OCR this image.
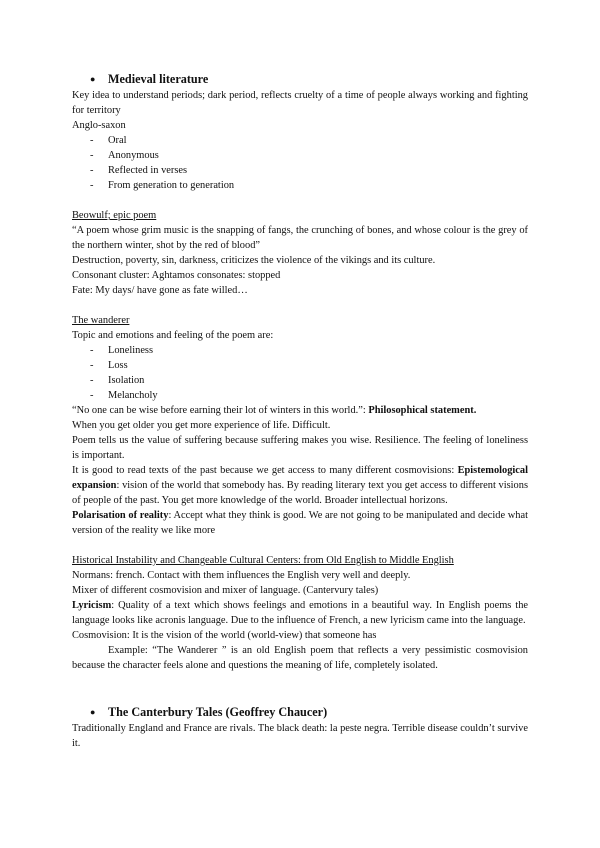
●	Medieval literature

Key idea to understand periods; dark period, reflects cruelty of a time of people always working and fighting for territory

Anglo-saxon

-	Oral
-	Anonymous
-	Reflected in verses
-	From generation to generation

Beowulf; epic poem

“A poem whose grim music is the snapping of fangs, the crunching of bones, and whose colour is the grey of the northern winter, shot by the red of blood”

Destruction, poverty, sin, darkness, criticizes the violence of the vikings and its culture.

Consonant cluster: Aghtamos consonates: stopped

Fate: My days/ have gone as fate willed…

The wanderer

Topic and emotions and feeling of the poem are:

-	Loneliness
-	Loss
-	Isolation
-	Melancholy

“No one can be wise before earning their lot of winters in this world.”: Philosophical statement.

When you get older you get more experience of life. Difficult.

Poem tells us the value of suffering because suffering makes you wise. Resilience. The feeling of loneliness is important.

It is good to read texts of the past because we get access to many different cosmovisions: Epistemological expansion: vision of the world that somebody has. By reading literary text you get access to different visions of people of the past. You get more knowledge of the world. Broader intellectual horizons.

Polarisation of reality: Accept what they think is good. We are not going to be manipulated and decide what version of the reality we like more

Historical Instability and Changeable Cultural Centers: from Old English to Middle English

Normans: french. Contact with them influences the English very well and deeply.

Mixer of different cosmovision and mixer of language. (Cantervury tales)

Lyricism: Quality of a text which shows feelings and emotions in a beautiful way. In English poems the language looks like acronis language. Due to the influence of French, a new lyricism came into the language.

Cosmovision: It is the vision of the world (world-view) that someone has

Example: “The Wanderer ” is an old English poem that reflects a very pessimistic cosmovision because the character feels alone and questions the meaning of life, completely isolated.

●	The Canterbury Tales (Geoffrey Chaucer)

Traditionally England and France are rivals. The black death: la peste negra. Terrible disease couldn’t survive it.
